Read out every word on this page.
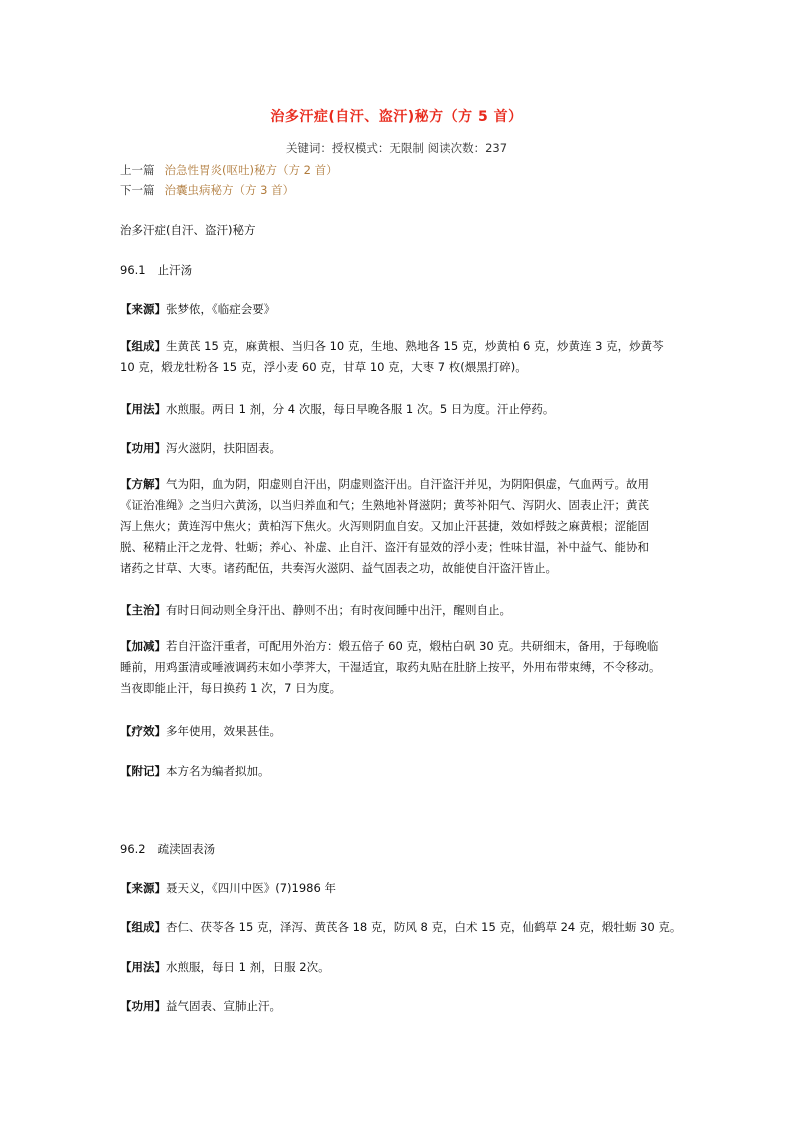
治多汗症(自汗、盗汗)秘方（方 5 首）
关键词：授权模式：无限制 阅读次数：237
上一篇 治急性胃炎(呕吐)秘方（方 2 首）
下一篇 治囊虫病秘方（方 3 首）
治多汗症(自汗、盗汗)秘方
96.1 止汗汤
【来源】张梦侬，《临症会要》
【组成】生黄芪 15 克，麻黄根、当归各 10 克，生地、熟地各 15 克，炒黄柏 6 克，炒黄连 3 克，炒黄芩
10 克，煅龙牡粉各 15 克，浮小麦 60 克，甘草 10 克，大枣 7 枚(煨黑打碎)。
【用法】水煎服。两日 1 剂，分 4 次服，每日早晚各服 1 次。5 日为度。汗止停药。
【功用】泻火滋阴，扶阳固表。
【方解】气为阳，血为阴，阳虚则自汗出，阴虚则盗汗出。自汗盗汗并见，为阴阳俱虚，气血两亏。故用
《证治准绳》之当归六黄汤，以当归养血和气；生熟地补肾滋阴；黄芩补阳气、泻阴火、固表止汗；黄芪
泻上焦火；黄连泻中焦火；黄柏泻下焦火。火泻则阴血自安。又加止汗甚捷，效如桴鼓之麻黄根；涩能固
脱、秘精止汗之龙骨、牡蛎；养心、补虚、止自汗、盗汗有显效的浮小麦；性味甘温，补中益气、能协和
诸药之甘草、大枣。诸药配伍，共奏泻火滋阴、益气固表之功，故能使自汗盗汗皆止。
【主治】有时日间动则全身汗出、静则不出；有时夜间睡中出汗，醒则自止。
【加减】若自汗盗汗重者，可配用外治方：煅五倍子 60 克，煅枯白矾 30 克。共研细末，备用，于每晚临
睡前，用鸡蛋清或唾液调药末如小荸荠大，干湿适宜，取药丸贴在肚脐上按平，外用布带束缚，不令移动。
当夜即能止汗，每日换药 1 次，7 日为度。
【疗效】多年使用，效果甚佳。
【附记】本方名为编者拟加。
96.2 疏渎固表汤
【来源】聂天义，《四川中医》(7)1986 年
【组成】杏仁、茯苓各 15 克，泽泻、黄芪各 18 克，防风 8 克，白术 15 克，仙鹤草 24 克，煅牡蛎 30 克。
【用法】水煎服，每日 1 剂，日服 2次。
【功用】益气固表、宣肺止汗。
